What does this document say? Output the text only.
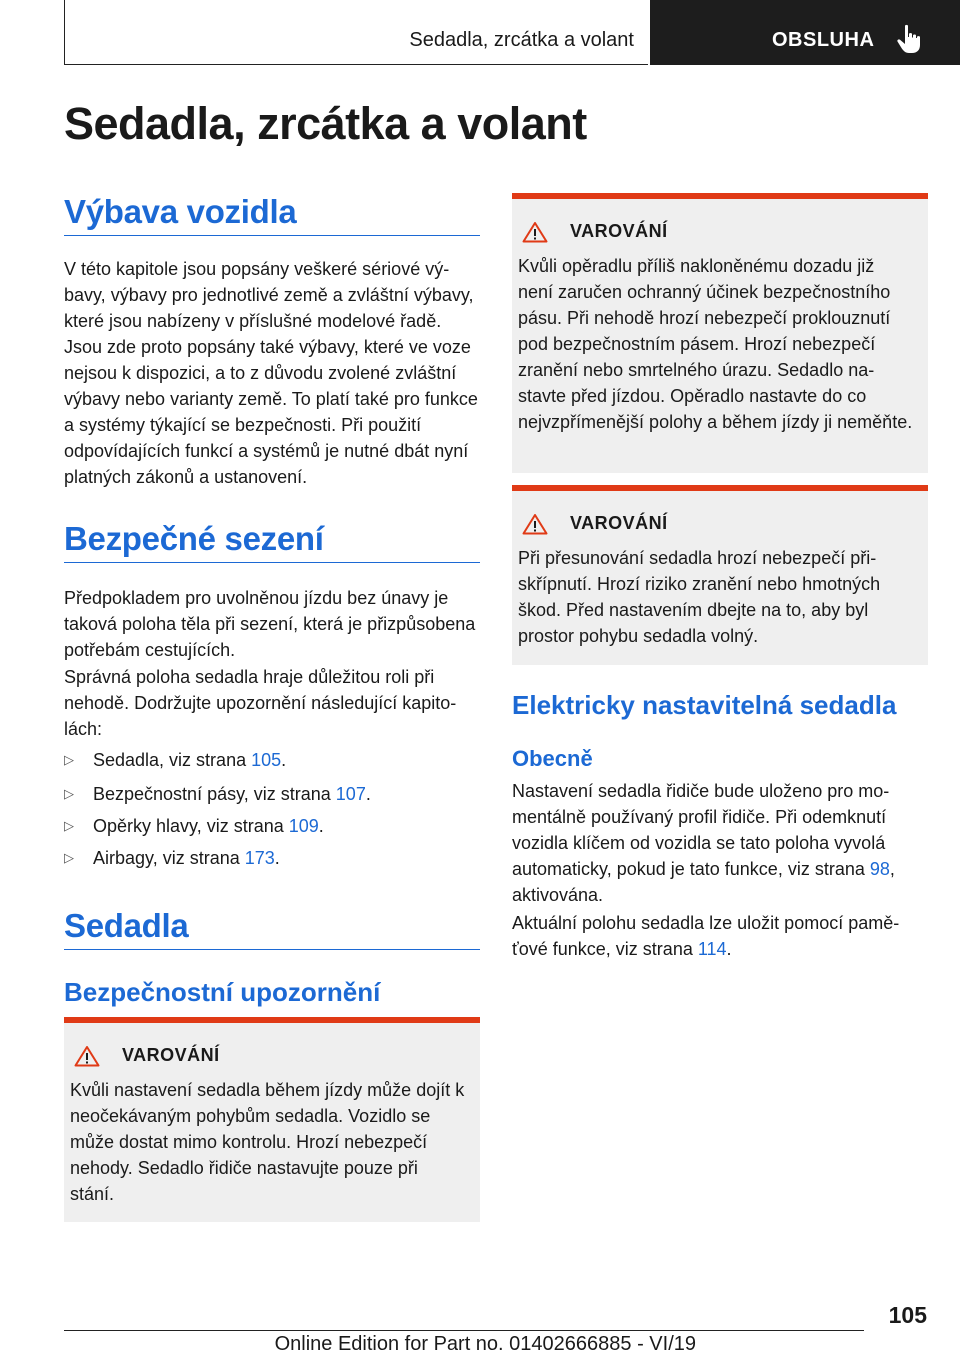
Sedadla, zrcátka a volant	OBSLUHA
Sedadla, zrcátka a volant
Výbava vozidla

V této kapitole jsou popsány veškeré sériové výbavy, výbavy pro jednotlivé země a zvláštní výbavy, které jsou nabízeny v příslušné modelové řadě. Jsou zde proto popsány také výbavy, které ve voze nejsou k dispozici, a to z důvodu zvolené zvláštní výbavy nebo varianty země. To platí také pro funkce a systémy týkající se bezpečnosti. Při použití odpovídajících funkcí a systémů je nutné dbát nyní platných zákonů a ustanovení.

Bezpečné sezení

Předpokladem pro uvolněnou jízdu bez únavy je taková poloha těla při sezení, která je přizpůsobena potřebám cestujících.

Správná poloha sedadla hraje důležitou roli při nehodě. Dodržujte upozornění následující kapitolách:

▷ Sedadla, viz strana 105.
▷ Bezpečnostní pásy, viz strana 107.
▷ Opěrky hlavy, viz strana 109.
▷ Airbagy, viz strana 173.
Sedadla
Bezpečnostní upozornění
VAROVÁNÍ

Kvůli nastavení sedadla během jízdy může dojít k neočekávaným pohybům sedadla. Vozidlo se může dostat mimo kontrolu. Hrozí nebezpečí nehody. Sedadlo řidiče nastavujte pouze při stání.

VAROVÁNÍ

Kvůli opěradlu příliš nakloněnému dozadu již není zaručen ochranný účinek bezpečnostního pásu. Při nehodě hrozí nebezpečí proklouznutí pod bezpečnostním pásem. Hrozí nebezpečí zranění nebo smrtelného úrazu. Sedadlo nastavte před jízdou. Opěradlo nastavte do co nejvzpřímenější polohy a během jízdy ji neměňte.

VAROVÁNÍ

Při přesunování sedadla hrozí nebezpečí přiskřípnutí. Hrozí riziko zranění nebo hmotných škod. Před nastavením dbejte na to, aby byl prostor pohybu sedadla volný.

Elektricky nastavitelná sedadla
Obecně

Nastavení sedadla řidiče bude uloženo pro momentálně používaný profil řidiče. Při odemknutí vozidla klíčem od vozidla se tato poloha vyvolá automaticky, pokud je tato funkce, viz strana 98, aktivována.

Aktuální polohu sedadla lze uložit pomocí paměťové funkce, viz strana 114.

105
Online Edition for Part no. 01402666885 - VI/19
